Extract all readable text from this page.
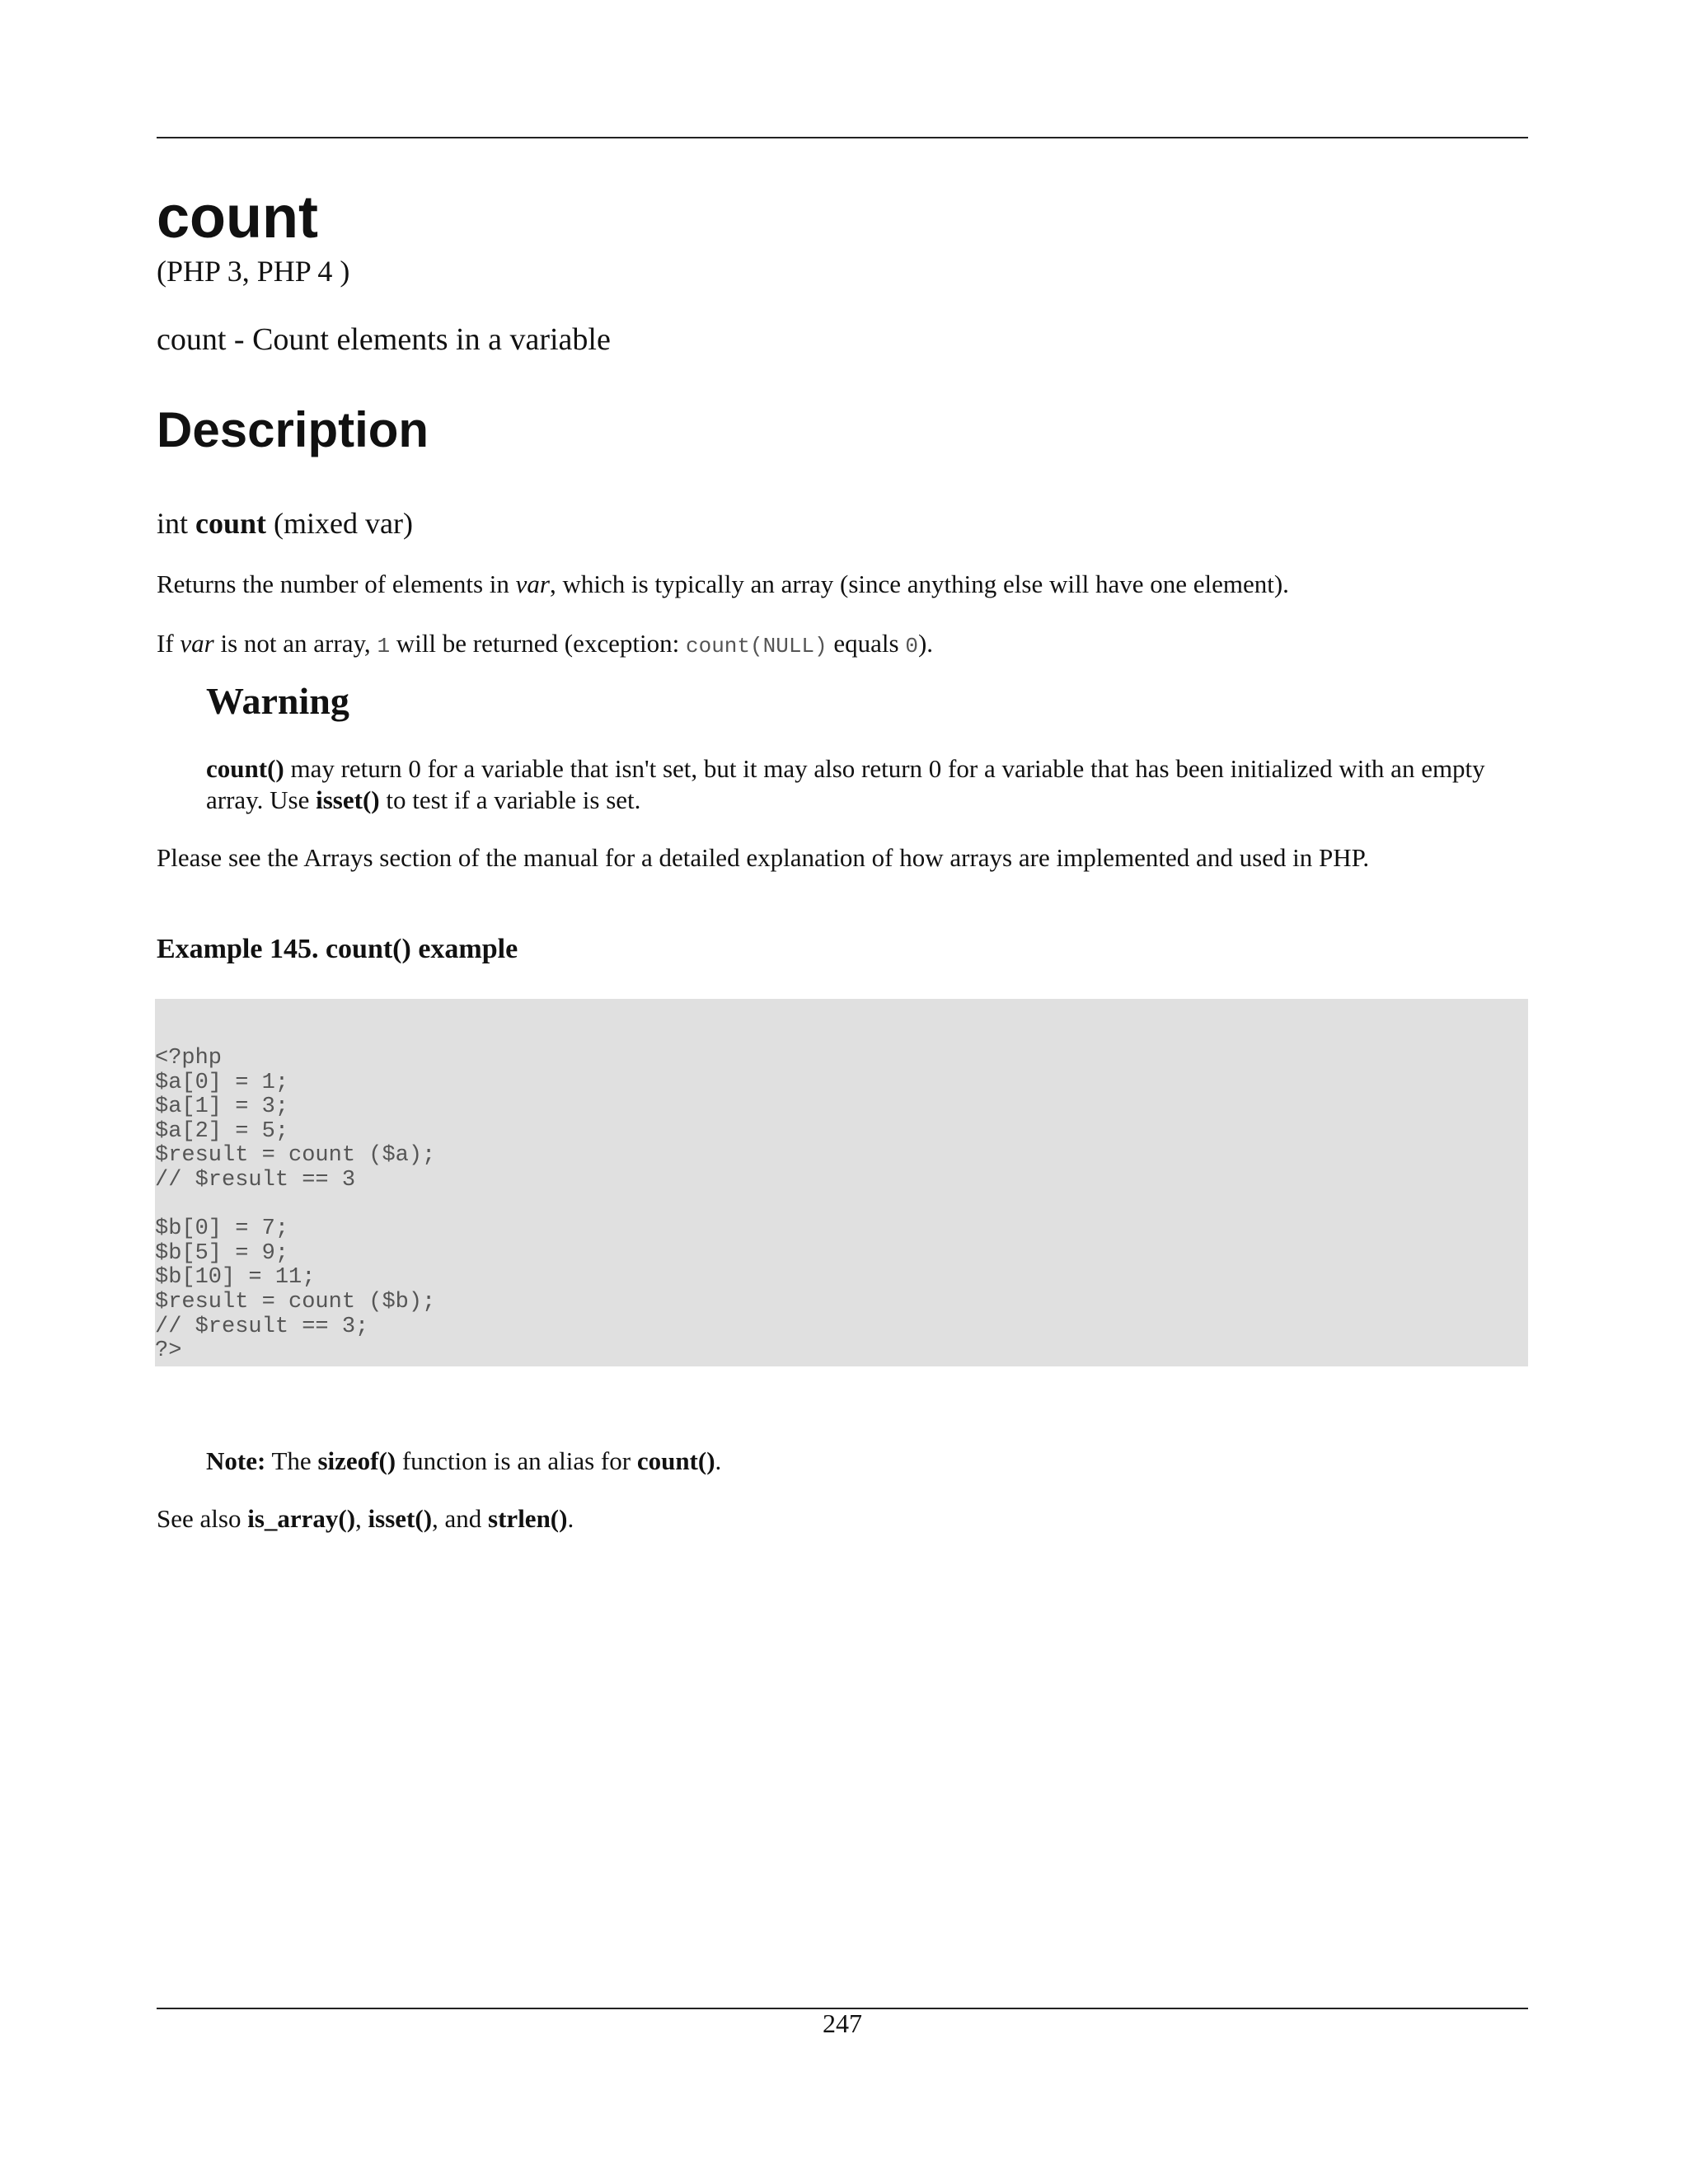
count
(PHP 3, PHP 4 )
count - Count elements in a variable
Description
int count (mixed var)
Returns the number of elements in var, which is typically an array (since anything else will have one element).
If var is not an array, 1 will be returned (exception: count(NULL) equals 0).
Warning
count() may return 0 for a variable that isn't set, but it may also return 0 for a variable that has been initialized with an empty array. Use isset() to test if a variable is set.
Please see the Arrays section of the manual for a detailed explanation of how arrays are implemented and used in PHP.
Example 145. count() example
<?php
$a[0] = 1;
$a[1] = 3;
$a[2] = 5;
$result = count ($a);
// $result == 3
$b[0] = 7;
$b[5] = 9;
$b[10] = 11;
$result = count ($b);
// $result == 3;
?>
Note: The sizeof() function is an alias for count().
See also is_array(), isset(), and strlen().
247
